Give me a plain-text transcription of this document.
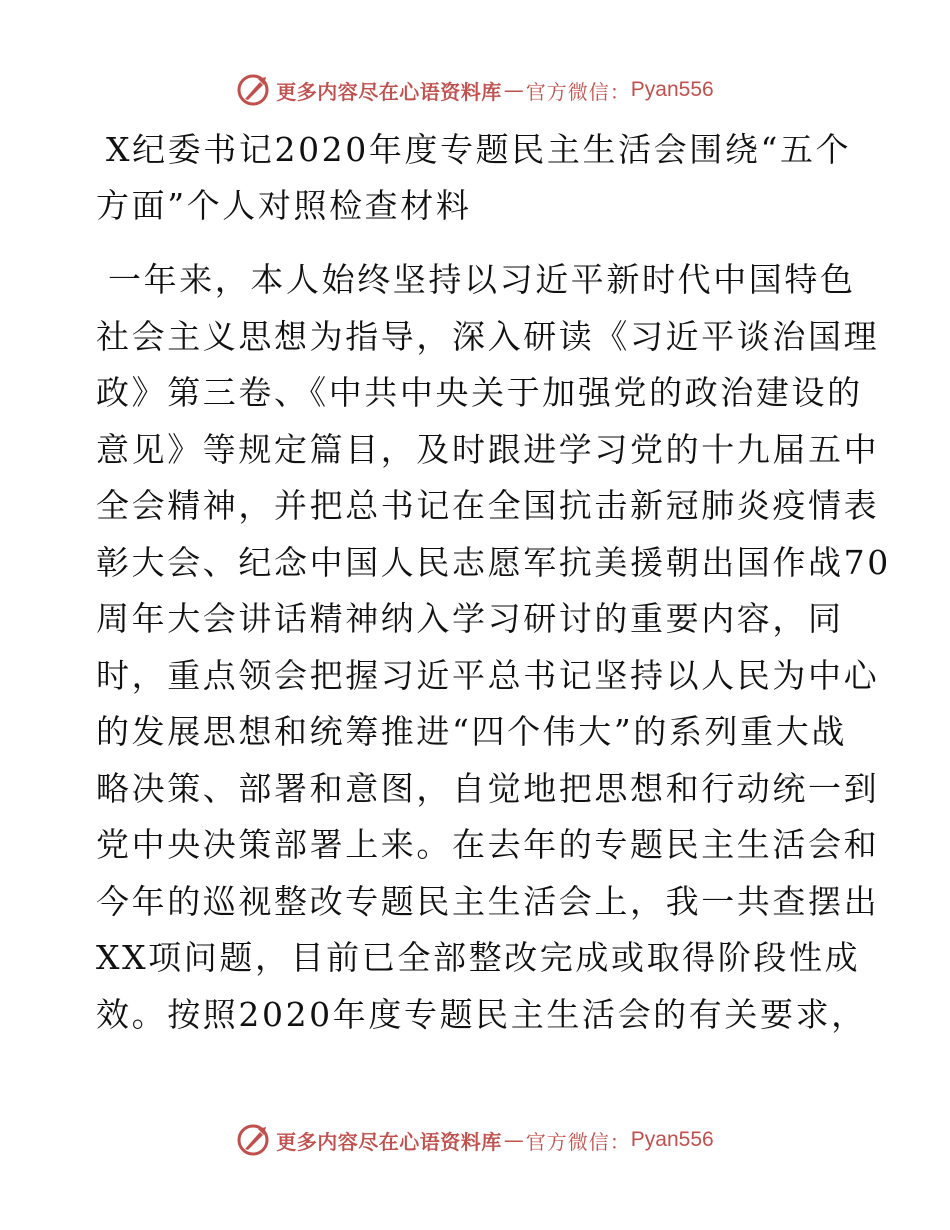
更多内容尽在心语资料库 — 官方微信： Pyan556
X纪委书记2020年度专题民主生活会围绕“五个
方面”个人对照检查材料

一年来，本人始终坚持以习近平新时代中国特色
社会主义思想为指导，深入研读《习近平谈治国理
政》第三卷、《中共中央关于加强党的政治建设的
意见》等规定篇目，及时跟进学习党的十九届五中
全会精神，并把总书记在全国抗击新冠肺炎疫情表
彰大会、纪念中国人民志愿军抗美援朝出国作战70
周年大会讲话精神纳入学习研讨的重要内容，同
时，重点领会把握习近平总书记坚持以人民为中心
的发展思想和统筹推进“四个伟大”的系列重大战
略决策、部署和意图，自觉地把思想和行动统一到
党中央决策部署上来。在去年的专题民主生活会和
今年的巡视整改专题民主生活会上，我一共查摆出
XX项问题，目前已全部整改完成或取得阶段性成
效。按照2020年度专题民主生活会的有关要求，

更多内容尽在心语资料库 — 官方微信： Pyan556
